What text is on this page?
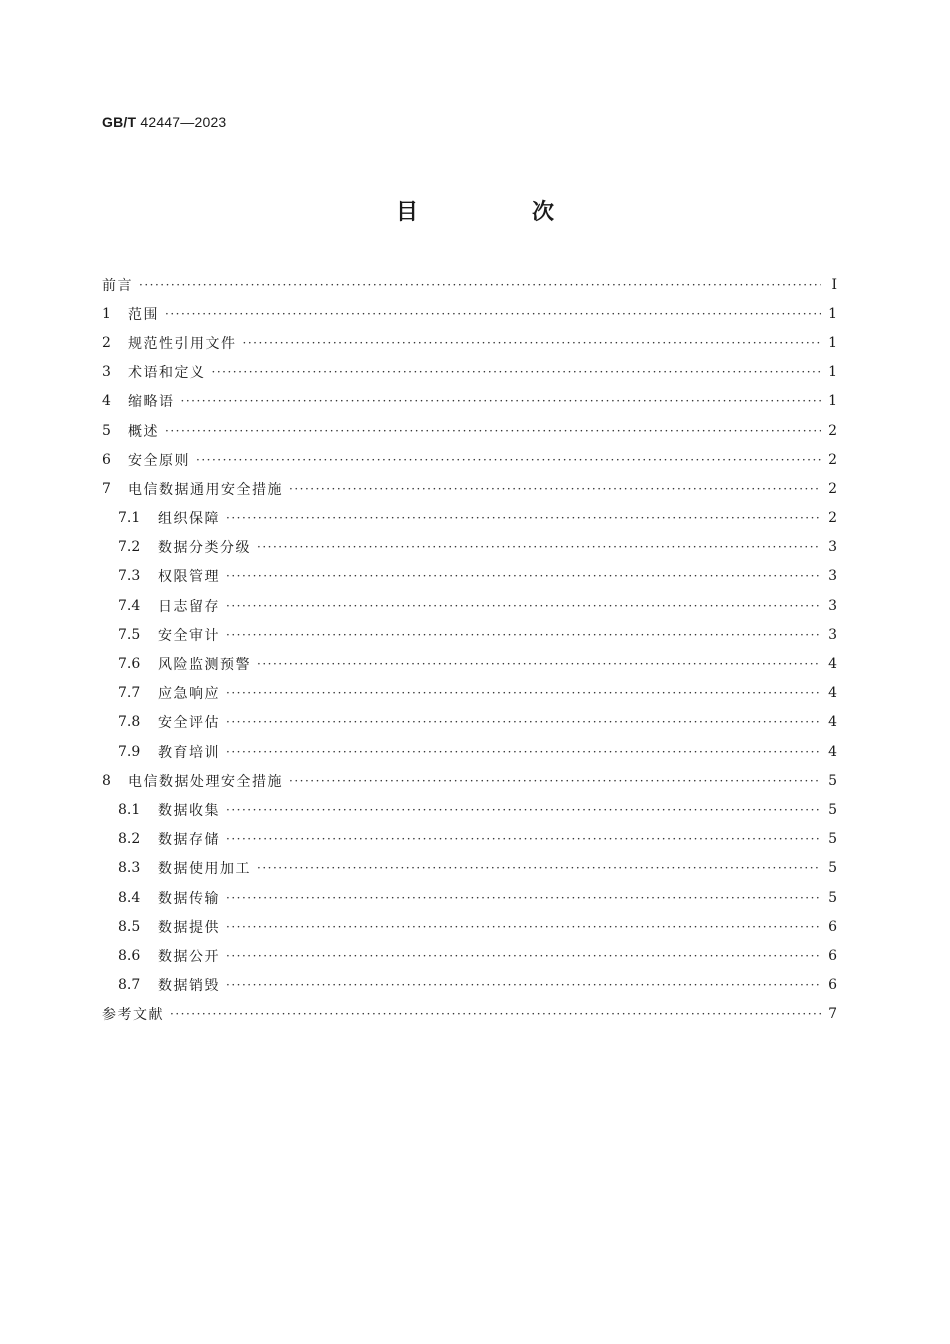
GB/T 42447—2023
目　次
前言 ·····	Ⅰ
1	范围 ·····	1
2	规范性引用文件 ·····	1
3	术语和定义 ·····	1
4	缩略语 ·····	1
5	概述 ·····	2
6	安全原则 ·····	2
7	电信数据通用安全措施 ·····	2
7.1	组织保障 ·····	2
7.2	数据分类分级 ·····	3
7.3	权限管理 ·····	3
7.4	日志留存 ·····	3
7.5	安全审计 ·····	3
7.6	风险监测预警 ·····	4
7.7	应急响应 ·····	4
7.8	安全评估 ·····	4
7.9	教育培训 ·····	4
8	电信数据处理安全措施 ·····	5
8.1	数据收集 ·····	5
8.2	数据存储 ·····	5
8.3	数据使用加工 ·····	5
8.4	数据传输 ·····	5
8.5	数据提供 ·····	6
8.6	数据公开 ·····	6
8.7	数据销毁 ·····	6
参考文献 ·····	7
